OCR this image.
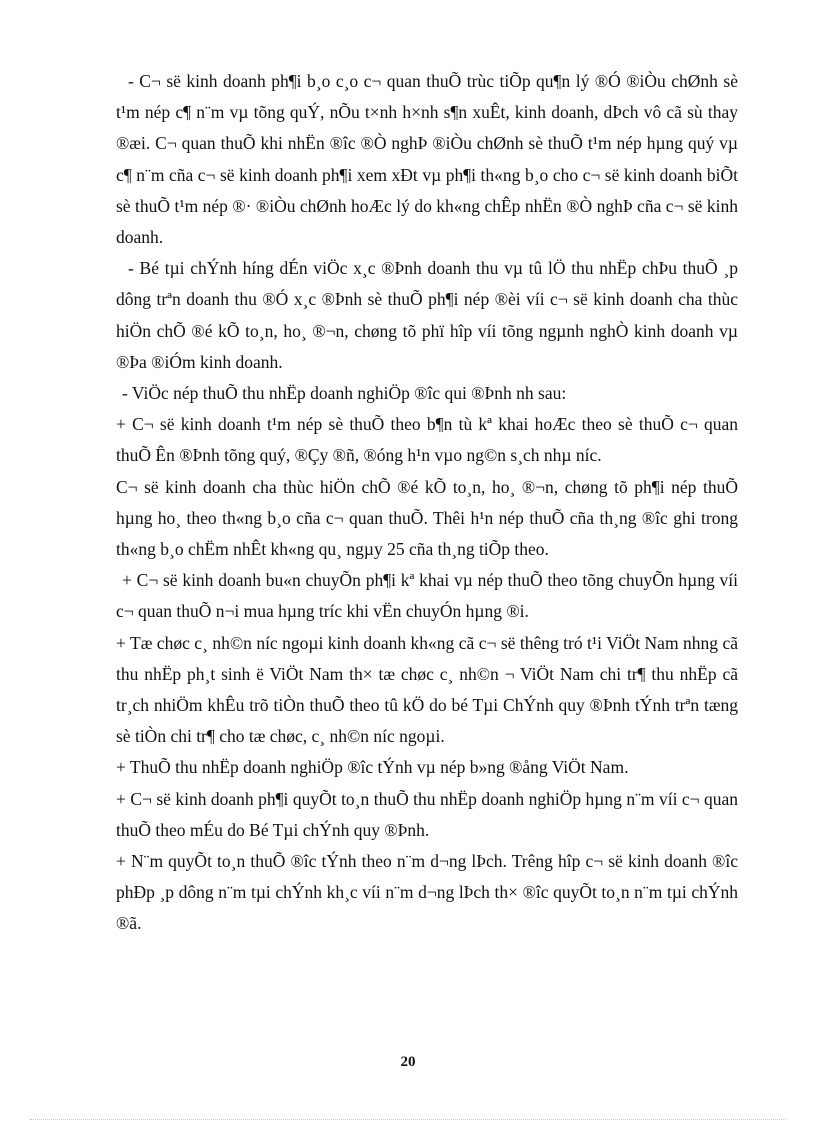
- C¬ së kinh doanh ph¶i b¸o c¸o c¬ quan thuÕ trùc tiÕp qu¶n lý ®Ó ®iÒu chØnh sè t¹m nép c¶ n¨m vµ tõng quÝ, nÕu t×nh h×nh s¶n xuÊt, kinh doanh, dÞch vô cã sù thay ®æi. C¬ quan thuÕ khi nhËn ®îc ®Ò nghÞ ®iÒu chØnh sè thuÕ t¹m nép hµng quý vµ c¶ n¨m cña c¬ së kinh doanh ph¶i xem xÐt vµ ph¶i th«ng b¸o cho c¬ së kinh doanh biÕt sè thuÕ t¹m nép ®· ®iÒu chØnh hoÆc lý do kh«ng chÊp nhËn ®Ò nghÞ cña c¬ së kinh doanh.

- Bé tµi chÝnh híng dÉn viÖc x¸c ®Þnh doanh thu vµ tû lÖ thu nhËp chÞu thuÕ ¸p dông trªn doanh thu ®Ó x¸c ®Þnh sè thuÕ ph¶i nép ®èi víi c¬ së kinh doanh cha thùc hiÖn chÕ ®é kÕ to¸n, ho¸ ®¬n, chøng tõ phï hîp víi tõng ngµnh nghÒ kinh doanh vµ ®Þa ®iÓm kinh doanh.

- ViÖc nép thuÕ thu nhËp doanh nghiÖp ®îc qui ®Þnh nh sau:

+ C¬ së kinh doanh t¹m nép sè thuÕ theo b¶n tù kª khai hoÆc theo sè thuÕ c¬ quan thuÕ Ên ®Þnh tõng quý, ®Çy ®ñ, ®óng h¹n vµo ng©n s¸ch nhµ níc.

C¬ së kinh doanh cha thùc hiÖn chÕ ®é kÕ to¸n, ho¸ ®¬n, chøng tõ ph¶i nép thuÕ hµng ho¸ theo th«ng b¸o cña c¬ quan thuÕ. Thêi h¹n nép thuÕ cña th¸ng ®îc ghi trong th«ng b¸o chËm nhÊt kh«ng qu¸ ngµy 25 cña th¸ng tiÕp theo.

+ C¬ së kinh doanh bu«n chuyÕn ph¶i kª khai vµ nép thuÕ theo tõng chuyÕn hµng víi c¬ quan thuÕ n¬i mua hµng tríc khi vËn chuyÓn hµng ®i.

+ Tæ chøc c¸ nh©n níc ngoµi kinh doanh kh«ng cã c¬ së thêng tró t¹i ViÖt Nam nhng cã thu nhËp ph¸t sinh ë ViÖt Nam th× tæ chøc c¸ nh©n ¬ ViÖt Nam chi tr¶ thu nhËp cã tr¸ch nhiÖm khÊu trõ tiÒn thuÕ theo tû kÖ do bé Tµi ChÝnh quy ®Þnh tÝnh trªn tæng sè tiÒn chi tr¶ cho tæ chøc, c¸ nh©n níc ngoµi.

+ ThuÕ thu nhËp doanh nghiÖp ®îc tÝnh vµ nép b»ng ®ång ViÖt Nam.

+ C¬ së kinh doanh ph¶i quyÕt to¸n thuÕ thu nhËp doanh nghiÖp hµng n¨m víi c¬ quan thuÕ theo mÉu do Bé Tµi chÝnh quy ®Þnh.

+ N¨m quyÕt to¸n thuÕ ®îc tÝnh theo n¨m d¬ng lÞch. Trêng hîp c¬ së kinh doanh ®îc phÐp ¸p dông n¨m tµi chÝnh kh¸c víi n¨m d¬ng lÞch th× ®îc quyÕt to¸n n¨m tµi chÝnh ®ã.

20
